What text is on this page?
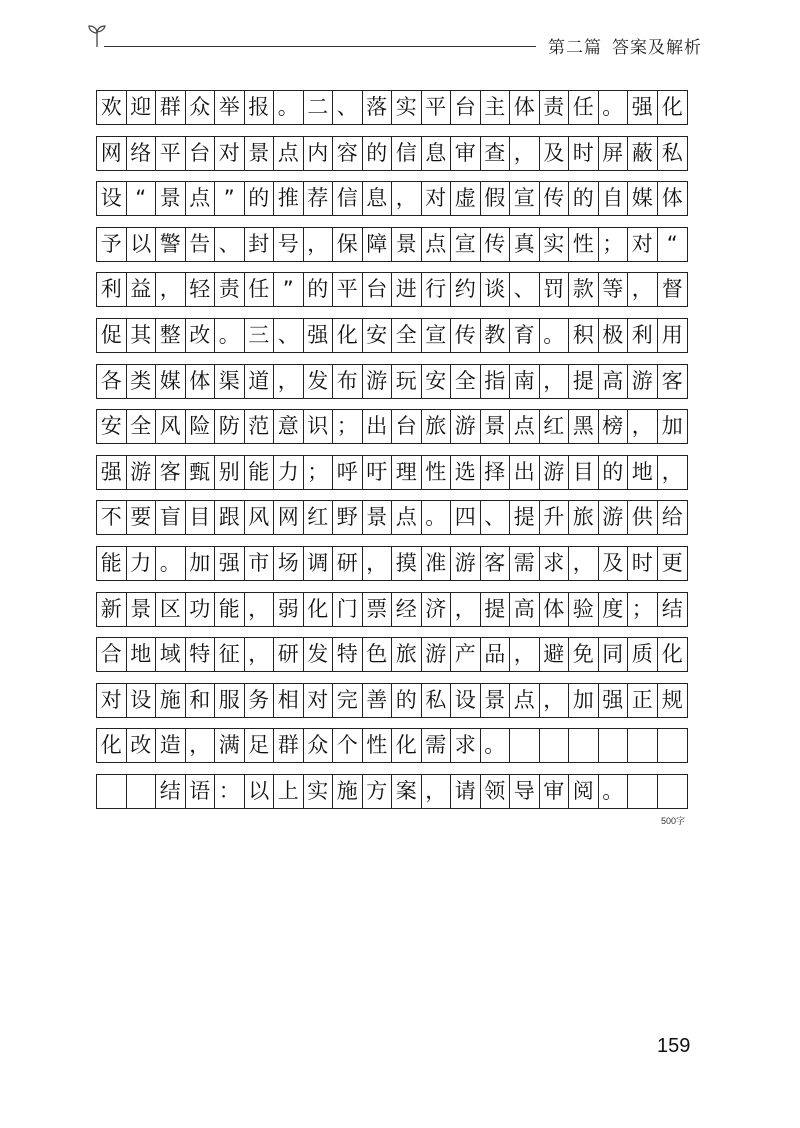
第二篇 答案及解析
欢 迎 群 众 举 报 。 二 、 落 实 平 台 主 体 责 任 。 强 化
网 络 平 台 对 景 点 内 容 的 信 息 审 查 ， 及 时 屏 蔽 私
设 “ 景 点 ” 的 推 荐 信 息 ， 对 虚 假 宣 传 的 自 媒 体
予 以 警 告 、 封 号 ， 保 障 景 点 宣 传 真 实 性 ； 对 “
利 益 ， 轻 责 任 ” 的 平 台 进 行 约 谈 、 罚 款 等 ， 督
促 其 整 改 。 三 、 强 化 安 全 宣 传 教 育 。 积 极 利 用
各 类 媒 体 渠 道 ， 发 布 游 玩 安 全 指 南 ， 提 高 游 客
安 全 风 险 防 范 意 识 ； 出 台 旅 游 景 点 红 黑 榜 ， 加
强 游 客 甄 别 能 力 ； 呼 吁 理 性 选 择 出 游 目 的 地 ，
不 要 盲 目 跟 风 网 红 野 景 点 。 四 、 提 升 旅 游 供 给
能 力 。 加 强 市 场 调 研 ， 摸 准 游 客 需 求 ， 及 时 更
新 景 区 功 能 ， 弱 化 门 票 经 济 ， 提 高 体 验 度 ； 结
合 地 域 特 征 ， 研 发 特 色 旅 游 产 品 ， 避 免 同 质 化
对 设 施 和 服 务 相 对 完 善 的 私 设 景 点 ， 加 强 正 规
化 改 造 ， 满 足 群 众 个 性 化 需 求 。
结 语 ： 以 上 实 施 方 案 ， 请 领 导 审 阅 。
500字
159
